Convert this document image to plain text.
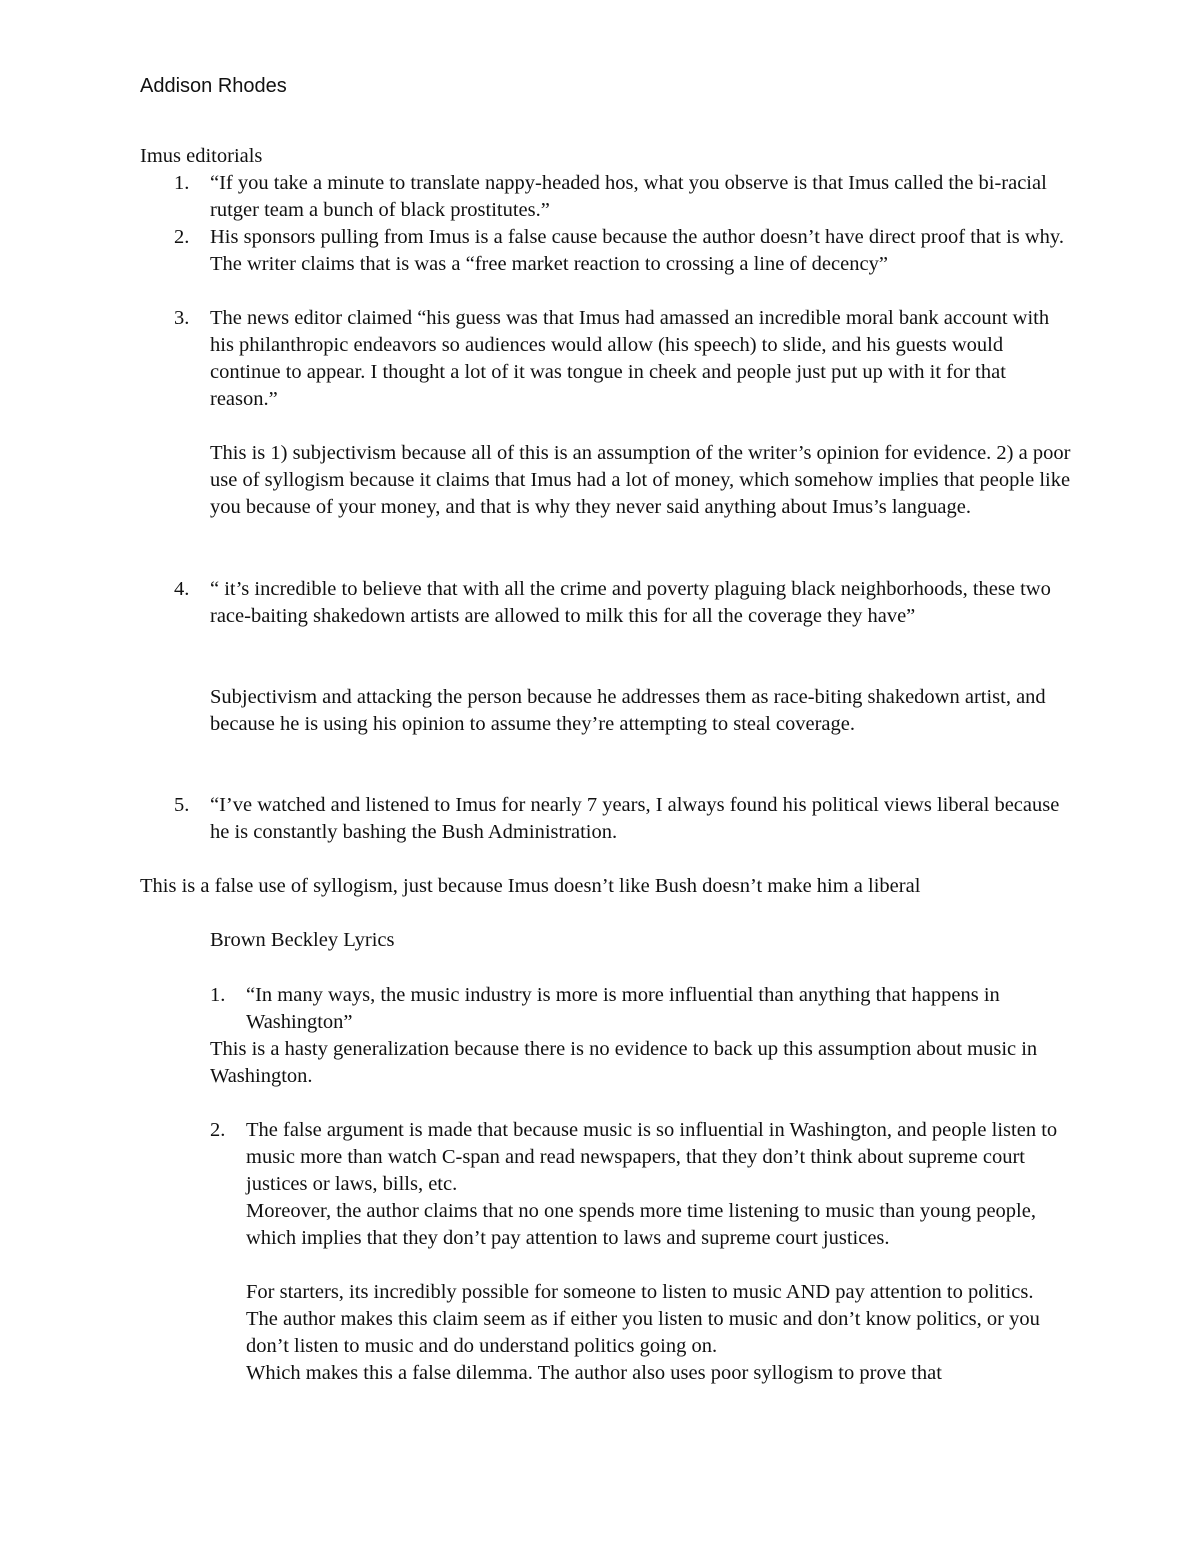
Addison Rhodes

Imus editorials

1. “If you take a minute to translate nappy-headed hos, what you observe is that Imus called the bi-racial rutger team a bunch of black prostitutes.”

2. His sponsors pulling from Imus is a false cause because the author doesn’t have direct proof that is why. The writer claims that is was a “free market reaction to crossing a line of decency”

3. The news editor claimed “his guess was that Imus had amassed an incredible moral bank account with his philanthropic endeavors so audiences would allow (his speech) to slide, and his guests would continue to appear. I thought a lot of it was tongue in cheek and people just put up with it for that reason.”

This is 1) subjectivism because all of this is an assumption of the writer’s opinion for evidence. 2) a poor use of syllogism because it claims that Imus had a lot of money, which somehow implies that people like you because of your money, and that is why they never said anything about Imus’s language.

4. “ it’s incredible to believe that with all the crime and poverty plaguing black neighborhoods, these two race-baiting shakedown artists are allowed to milk this for all the coverage they have”

Subjectivism and attacking the person because he addresses them as race-biting shakedown artist, and because he is using his opinion to assume they’re attempting to steal coverage.

5. “I’ve watched and listened to Imus for nearly 7 years, I always found his political views liberal because he is constantly bashing the Bush Administration.

This is a false use of syllogism, just because Imus doesn’t like Bush doesn’t make him a liberal

Brown Beckley Lyrics

1. “In many ways, the music industry is more is more influential than anything that happens in Washington”

This is a hasty generalization because there is no evidence to back up this assumption about music in Washington.

2. The false argument is made that because music is so influential in Washington, and people listen to music more than watch C-span and read newspapers, that they don’t think about supreme court justices or laws, bills, etc.

Moreover, the author claims that no one spends more time listening to music than young people, which implies that they don’t pay attention to laws and supreme court justices.

For starters, its incredibly possible for someone to listen to music AND pay attention to politics. The author makes this claim seem as if either you listen to music and don’t know politics, or you don’t listen to music and do understand politics going on.

Which makes this a false dilemma. The author also uses poor syllogism to prove that
